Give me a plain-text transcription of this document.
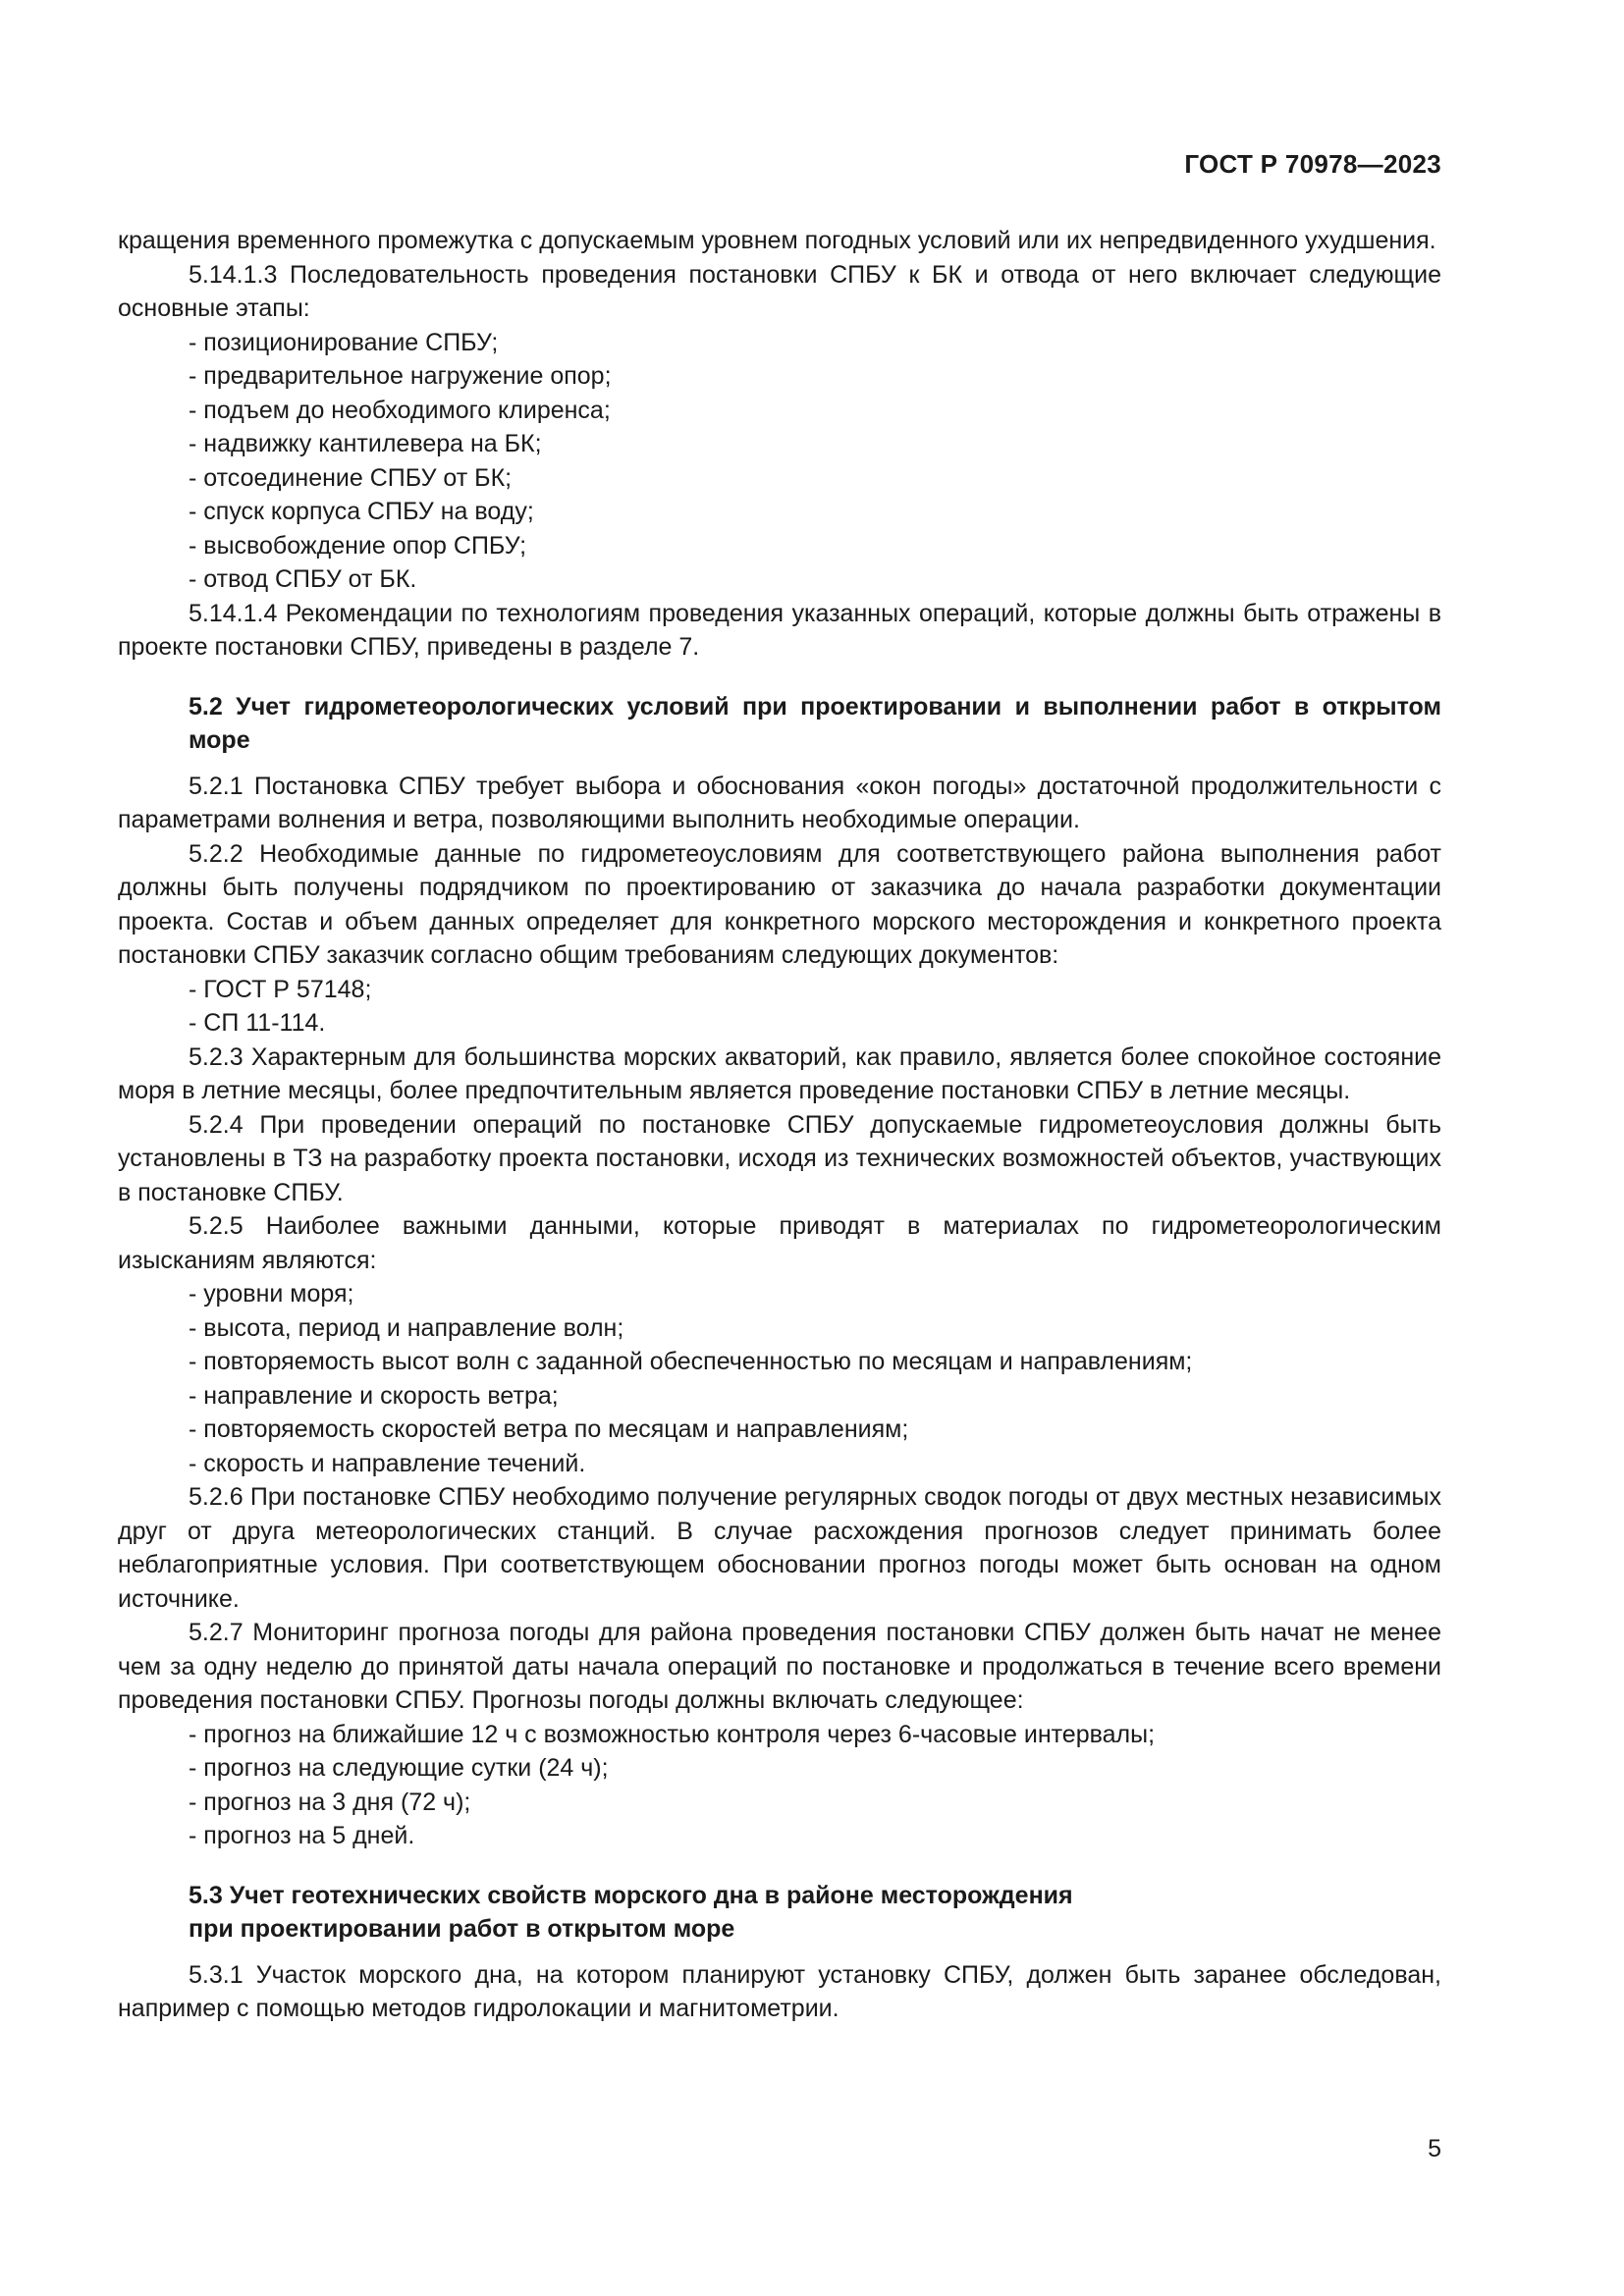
ГОСТ Р 70978—2023

кращения временного промежутка с допускаемым уровнем погодных условий или их непредвиденного ухудшения.

5.14.1.3 Последовательность проведения постановки СПБУ к БК и отвода от него включает следующие основные этапы:

- позиционирование СПБУ;
- предварительное нагружение опор;
- подъем до необходимого клиренса;
- надвижку кантилевера на БК;
- отсоединение СПБУ от БК;
- спуск корпуса СПБУ на воду;
- высвобождение опор СПБУ;
- отвод СПБУ от БК.

5.14.1.4 Рекомендации по технологиям проведения указанных операций, которые должны быть отражены в проекте постановки СПБУ, приведены в разделе 7.

5.2 Учет гидрометеорологических условий при проектировании и выполнении работ в открытом море

5.2.1 Постановка СПБУ требует выбора и обоснования «окон погоды» достаточной продолжительности с параметрами волнения и ветра, позволяющими выполнить необходимые операции.

5.2.2 Необходимые данные по гидрометеоусловиям для соответствующего района выполнения работ должны быть получены подрядчиком по проектированию от заказчика до начала разработки документации проекта. Состав и объем данных определяет для конкретного морского месторождения и конкретного проекта постановки СПБУ заказчик согласно общим требованиям следующих документов:

- ГОСТ Р 57148;
- СП 11-114.

5.2.3 Характерным для большинства морских акваторий, как правило, является более спокойное состояние моря в летние месяцы, более предпочтительным является проведение постановки СПБУ в летние месяцы.

5.2.4 При проведении операций по постановке СПБУ допускаемые гидрометеоусловия должны быть установлены в ТЗ на разработку проекта постановки, исходя из технических возможностей объектов, участвующих в постановке СПБУ.

5.2.5 Наиболее важными данными, которые приводят в материалах по гидрометеорологическим изысканиям являются:

- уровни моря;
- высота, период и направление волн;
- повторяемость высот волн с заданной обеспеченностью по месяцам и направлениям;
- направление и скорость ветра;
- повторяемость скоростей ветра по месяцам и направлениям;
- скорость и направление течений.

5.2.6 При постановке СПБУ необходимо получение регулярных сводок погоды от двух местных независимых друг от друга метеорологических станций. В случае расхождения прогнозов следует принимать более неблагоприятные условия. При соответствующем обосновании прогноз погоды может быть основан на одном источнике.

5.2.7 Мониторинг прогноза погоды для района проведения постановки СПБУ должен быть начат не менее чем за одну неделю до принятой даты начала операций по постановке и продолжаться в течение всего времени проведения постановки СПБУ. Прогнозы погоды должны включать следующее:

- прогноз на ближайшие 12 ч с возможностью контроля через 6-часовые интервалы;
- прогноз на следующие сутки (24 ч);
- прогноз на 3 дня (72 ч);
- прогноз на 5 дней.
5.3 Учет геотехнических свойств морского дна в районе месторождения
при проектировании работ в открытом море

5.3.1 Участок морского дна, на котором планируют установку СПБУ, должен быть заранее обследован, например с помощью методов гидролокации и магнитометрии.

5
